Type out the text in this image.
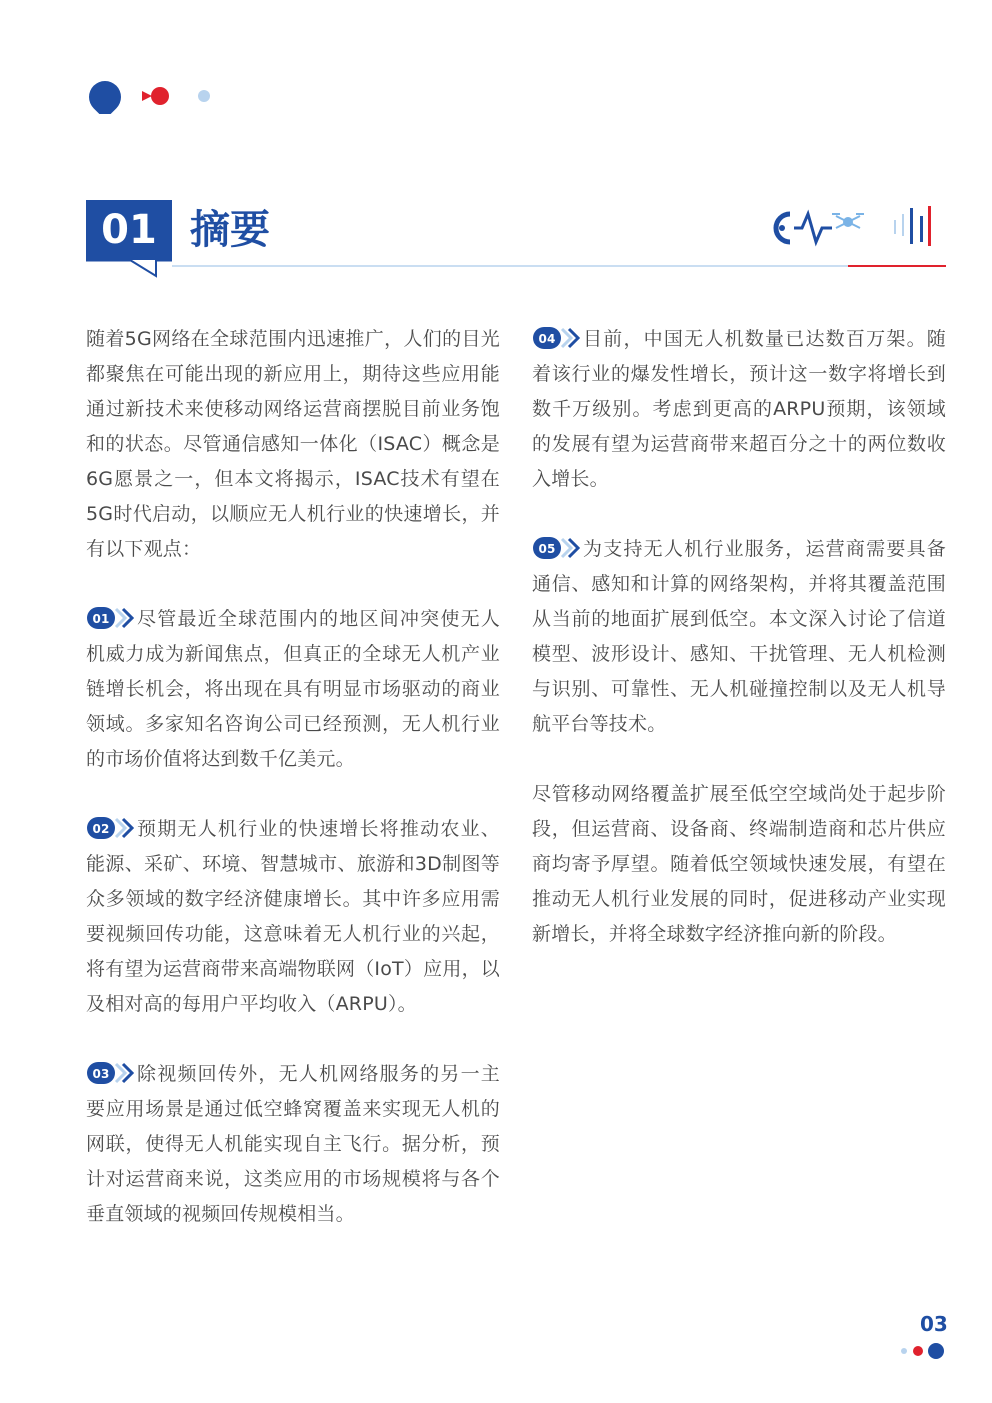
01 摘要

随着5G网络在全球范围内迅速推广，人们的目光都聚焦在可能出现的新应用上，期待这些应用能通过新技术来使移动网络运营商摆脱目前业务饱和的状态。尽管通信感知一体化（ISAC）概念是6G愿景之一，但本文将揭示，ISAC技术有望在5G时代启动，以顺应无人机行业的快速增长，并有以下观点：

01 尽管最近全球范围内的地区间冲突使无人机威力成为新闻焦点，但真正的全球无人机产业链增长机会，将出现在具有明显市场驱动的商业领域。多家知名咨询公司已经预测，无人机行业的市场价值将达到数千亿美元。

02 预期无人机行业的快速增长将推动农业、能源、采矿、环境、智慧城市、旅游和3D制图等众多领域的数字经济健康增长。其中许多应用需要视频回传功能，这意味着无人机行业的兴起，将有望为运营商带来高端物联网（IoT）应用，以及相对高的每用户平均收入（ARPU）。

03 除视频回传外，无人机网络服务的另一主要应用场景是通过低空蜂窝覆盖来实现无人机的网联，使得无人机能实现自主飞行。据分析，预计对运营商来说，这类应用的市场规模将与各个垂直领域的视频回传规模相当。

04 目前，中国无人机数量已达数百万架。随着该行业的爆发性增长，预计这一数字将增长到数千万级别。考虑到更高的ARPU预期，该领域的发展有望为运营商带来超百分之十的两位数收入增长。

05 为支持无人机行业服务，运营商需要具备通信、感知和计算的网络架构，并将其覆盖范围从当前的地面扩展到低空。本文深入讨论了信道模型、波形设计、感知、干扰管理、无人机检测与识别、可靠性、无人机碰撞控制以及无人机导航平台等技术。

尽管移动网络覆盖扩展至低空空域尚处于起步阶段，但运营商、设备商、终端制造商和芯片供应商均寄予厚望。随着低空领域快速发展，有望在推动无人机行业发展的同时，促进移动产业实现新增长，并将全球数字经济推向新的阶段。

03
